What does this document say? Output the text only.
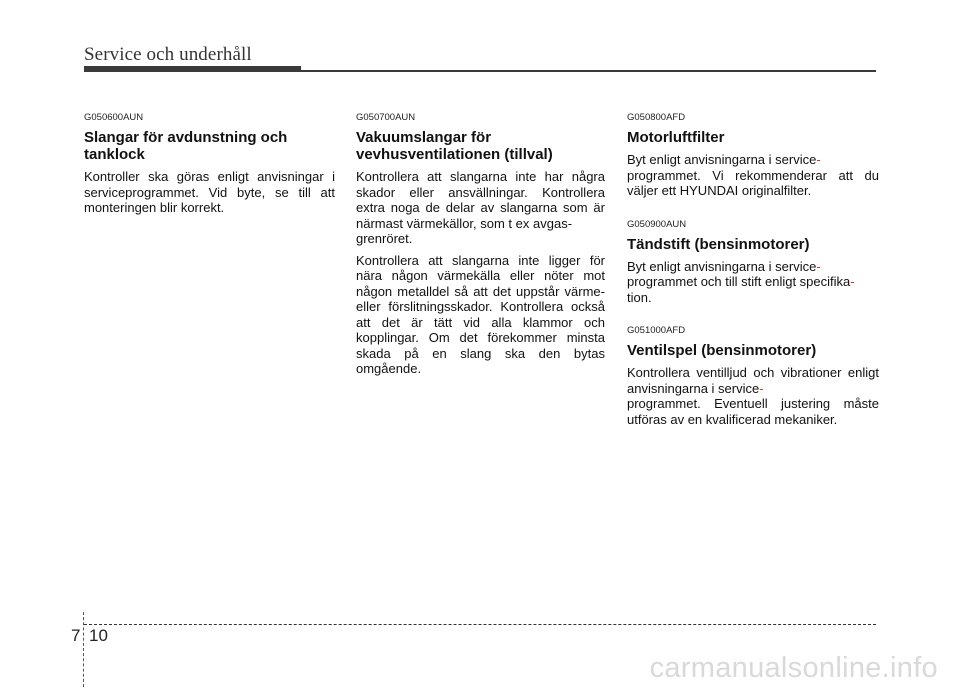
Service och underhåll
G050600AUN
Slangar för avdunstning och tanklock
Kontroller ska göras enligt anvisningar i serviceprogrammet. Vid byte, se till att monteringen blir korrekt.
G050700AUN
Vakuumslangar för vevhusventilationen (tillval)
Kontrollera att slangarna inte har några skador eller ansvällningar. Kontrollera extra noga de delar av slangarna som är närmast värmekällor, som t ex avgas-
grenröret.
Kontrollera att slangarna inte ligger för nära någon värmekälla eller nöter mot någon metalldel så att det uppstår värme- eller förslitningsskador. Kontrollera också att det är tätt vid alla klammor och kopplingar. Om det förekommer minsta skada på en slang ska den bytas omgående.
G050800AFD
Motorluftfilter
Byt enligt anvisningarna i service-
programmet. Vi rekommenderar att du väljer ett HYUNDAI originalfilter.
G050900AUN
Tändstift (bensinmotorer)
Byt enligt anvisningarna i service-
programmet och till stift enligt specifika-
tion.
G051000AFD
Ventilspel (bensinmotorer)
Kontrollera ventilljud och vibrationer enligt anvisningarna i service-
programmet. Eventuell justering måste utföras av en kvalificerad mekaniker.
7 10
carmanualsonline.info
